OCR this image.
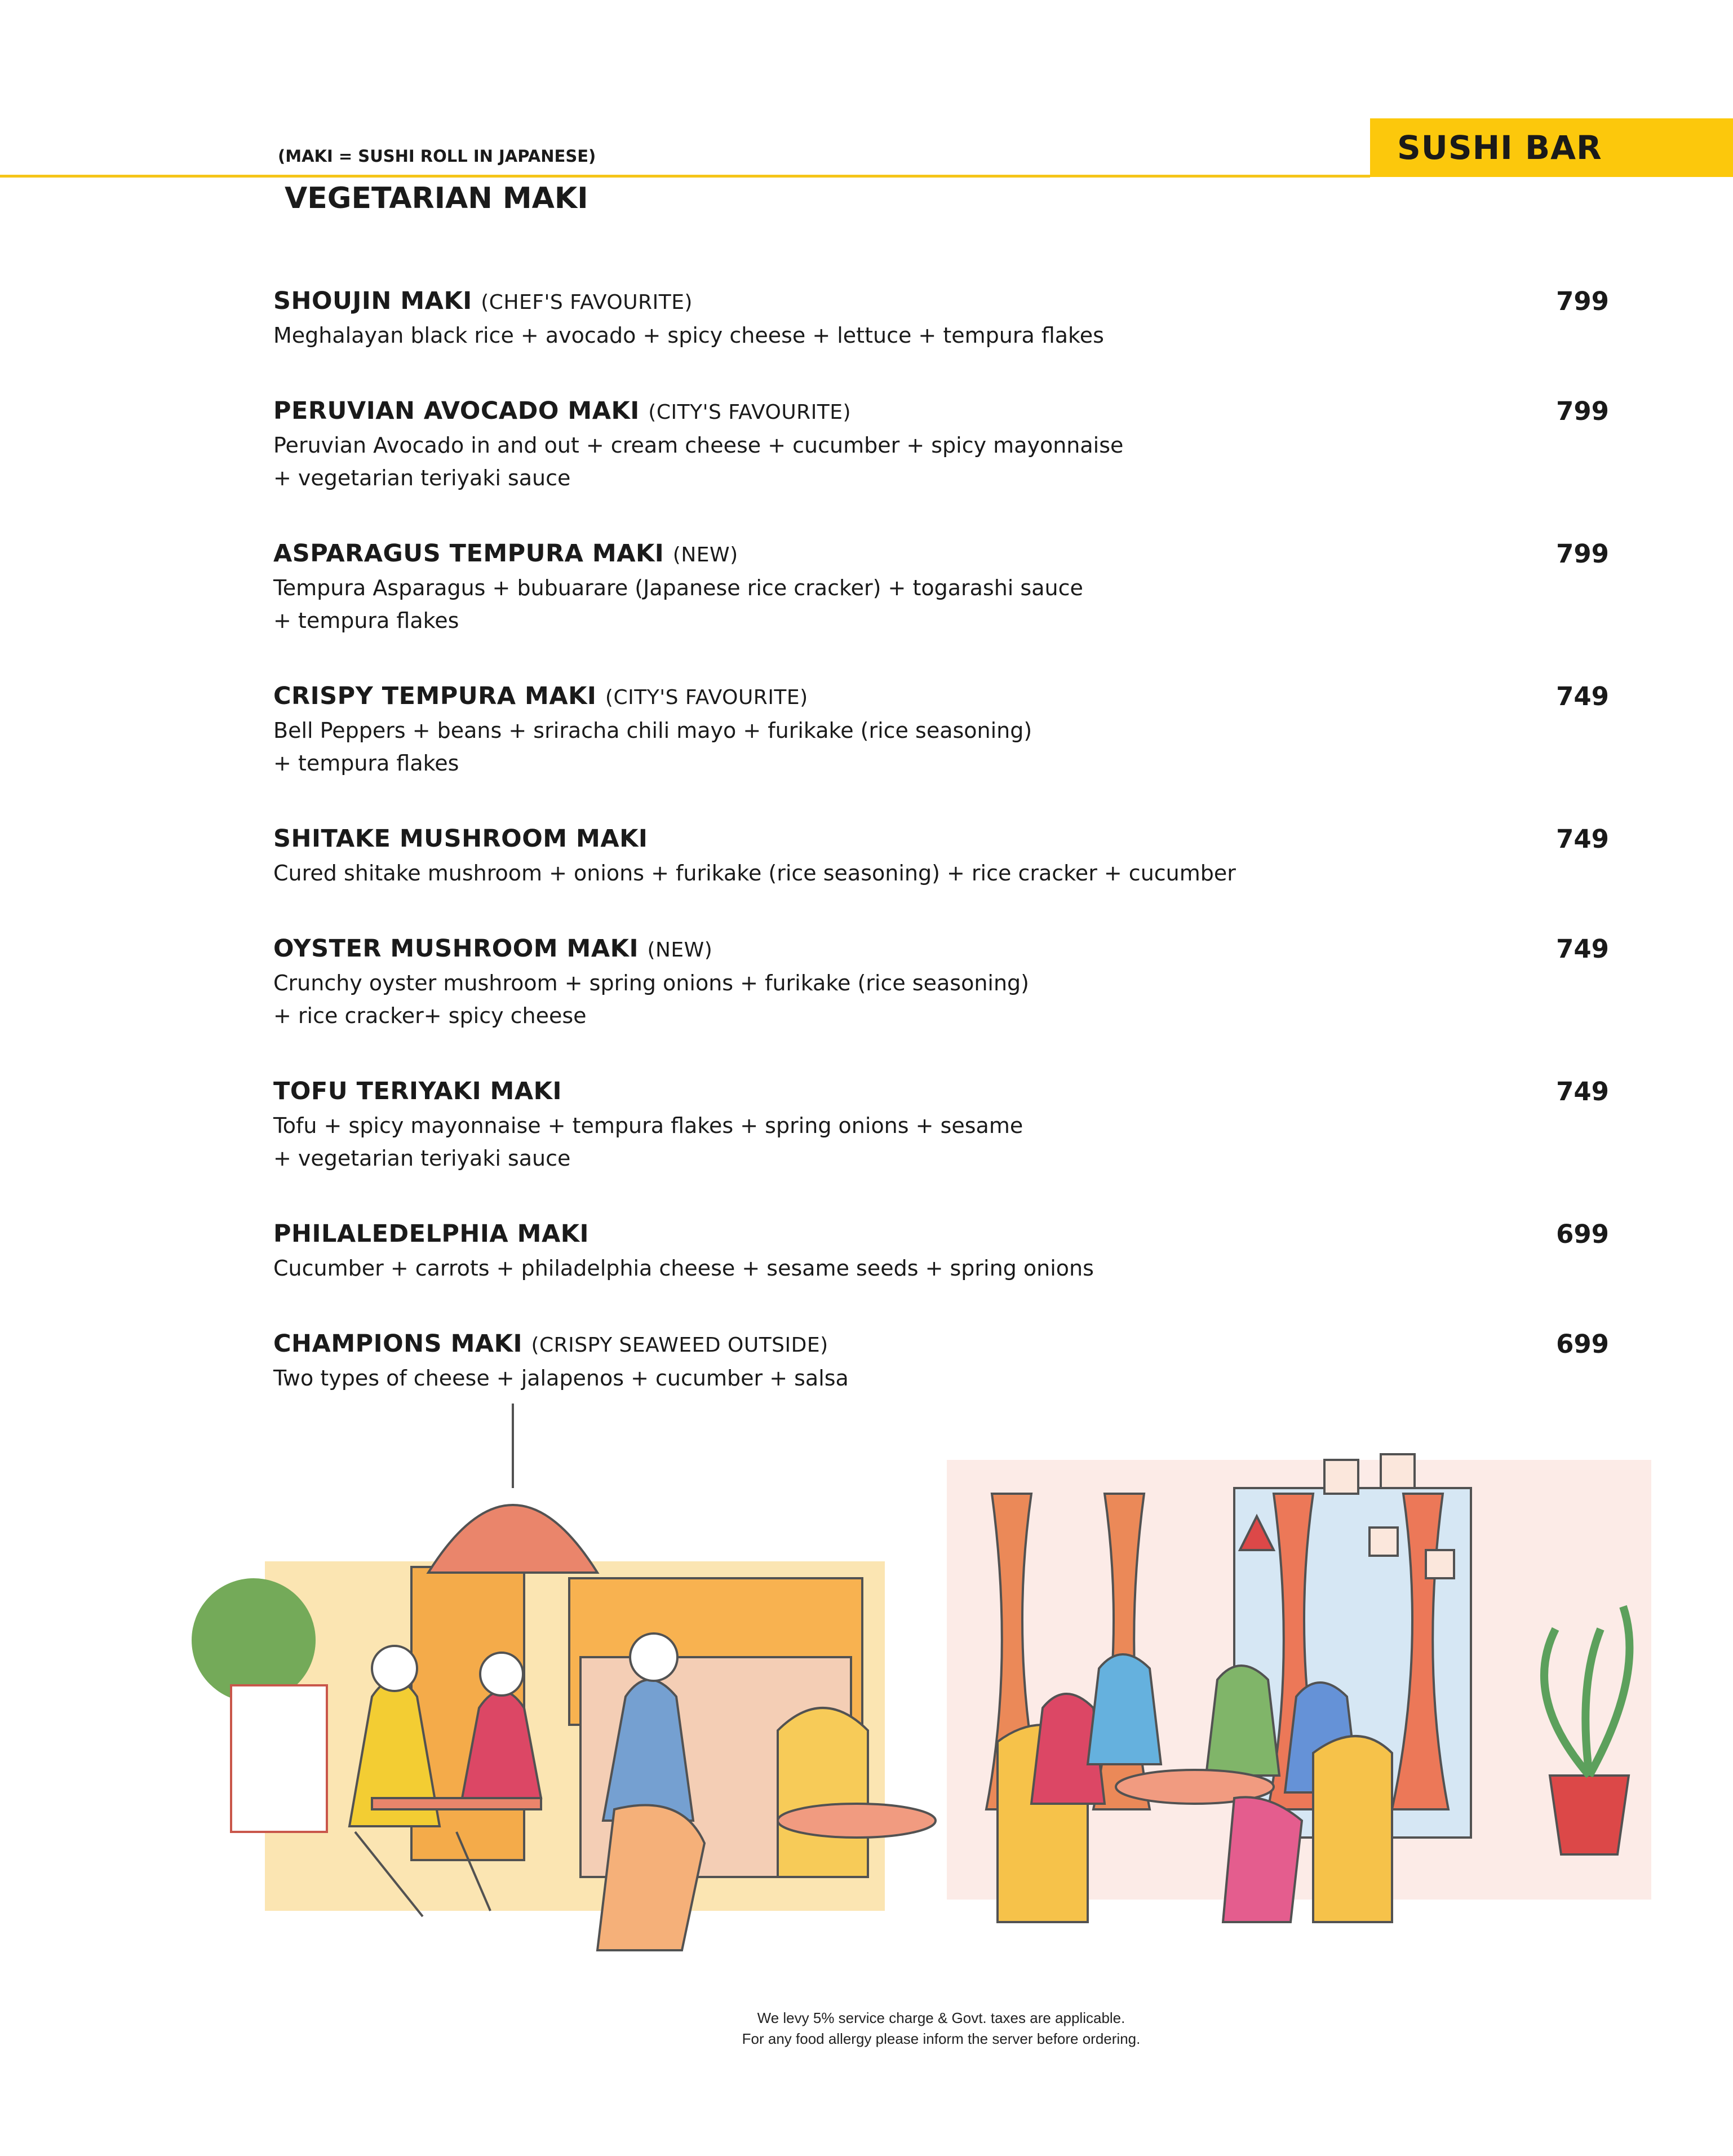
SUSHI BAR
(MAKI = SUSHI ROLL IN JAPANESE)
VEGETARIAN MAKI
SHOUJIN MAKI (CHEF'S FAVOURITE)	799
Meghalayan black rice + avocado + spicy cheese + lettuce + tempura flakes
PERUVIAN AVOCADO MAKI (CITY'S FAVOURITE)	799
Peruvian Avocado in and out + cream cheese + cucumber + spicy mayonnaise
+ vegetarian teriyaki sauce
ASPARAGUS TEMPURA MAKI (NEW)	799
Tempura Asparagus + bubuarare (Japanese rice cracker) + togarashi sauce
+ tempura flakes
CRISPY TEMPURA MAKI (CITY'S FAVOURITE)	749
Bell Peppers + beans + sriracha chili mayo + furikake (rice seasoning)
+ tempura flakes
SHITAKE MUSHROOM MAKI	749
Cured shitake mushroom + onions + furikake (rice seasoning) + rice cracker + cucumber
OYSTER MUSHROOM MAKI (NEW)	749
Crunchy oyster mushroom + spring onions + furikake (rice seasoning)
+ rice cracker+ spicy cheese
TOFU TERIYAKI MAKI	749
Tofu + spicy mayonnaise + tempura flakes + spring onions + sesame
+ vegetarian teriyaki sauce
PHILALEDELPHIA MAKI	699
Cucumber + carrots + philadelphia cheese + sesame seeds + spring onions
CHAMPIONS MAKI (CRISPY SEAWEED OUTSIDE)	699
Two types of cheese + jalapenos + cucumber + salsa
We levy 5% service charge & Govt. taxes are applicable.
For any food allergy please inform the server before ordering.
